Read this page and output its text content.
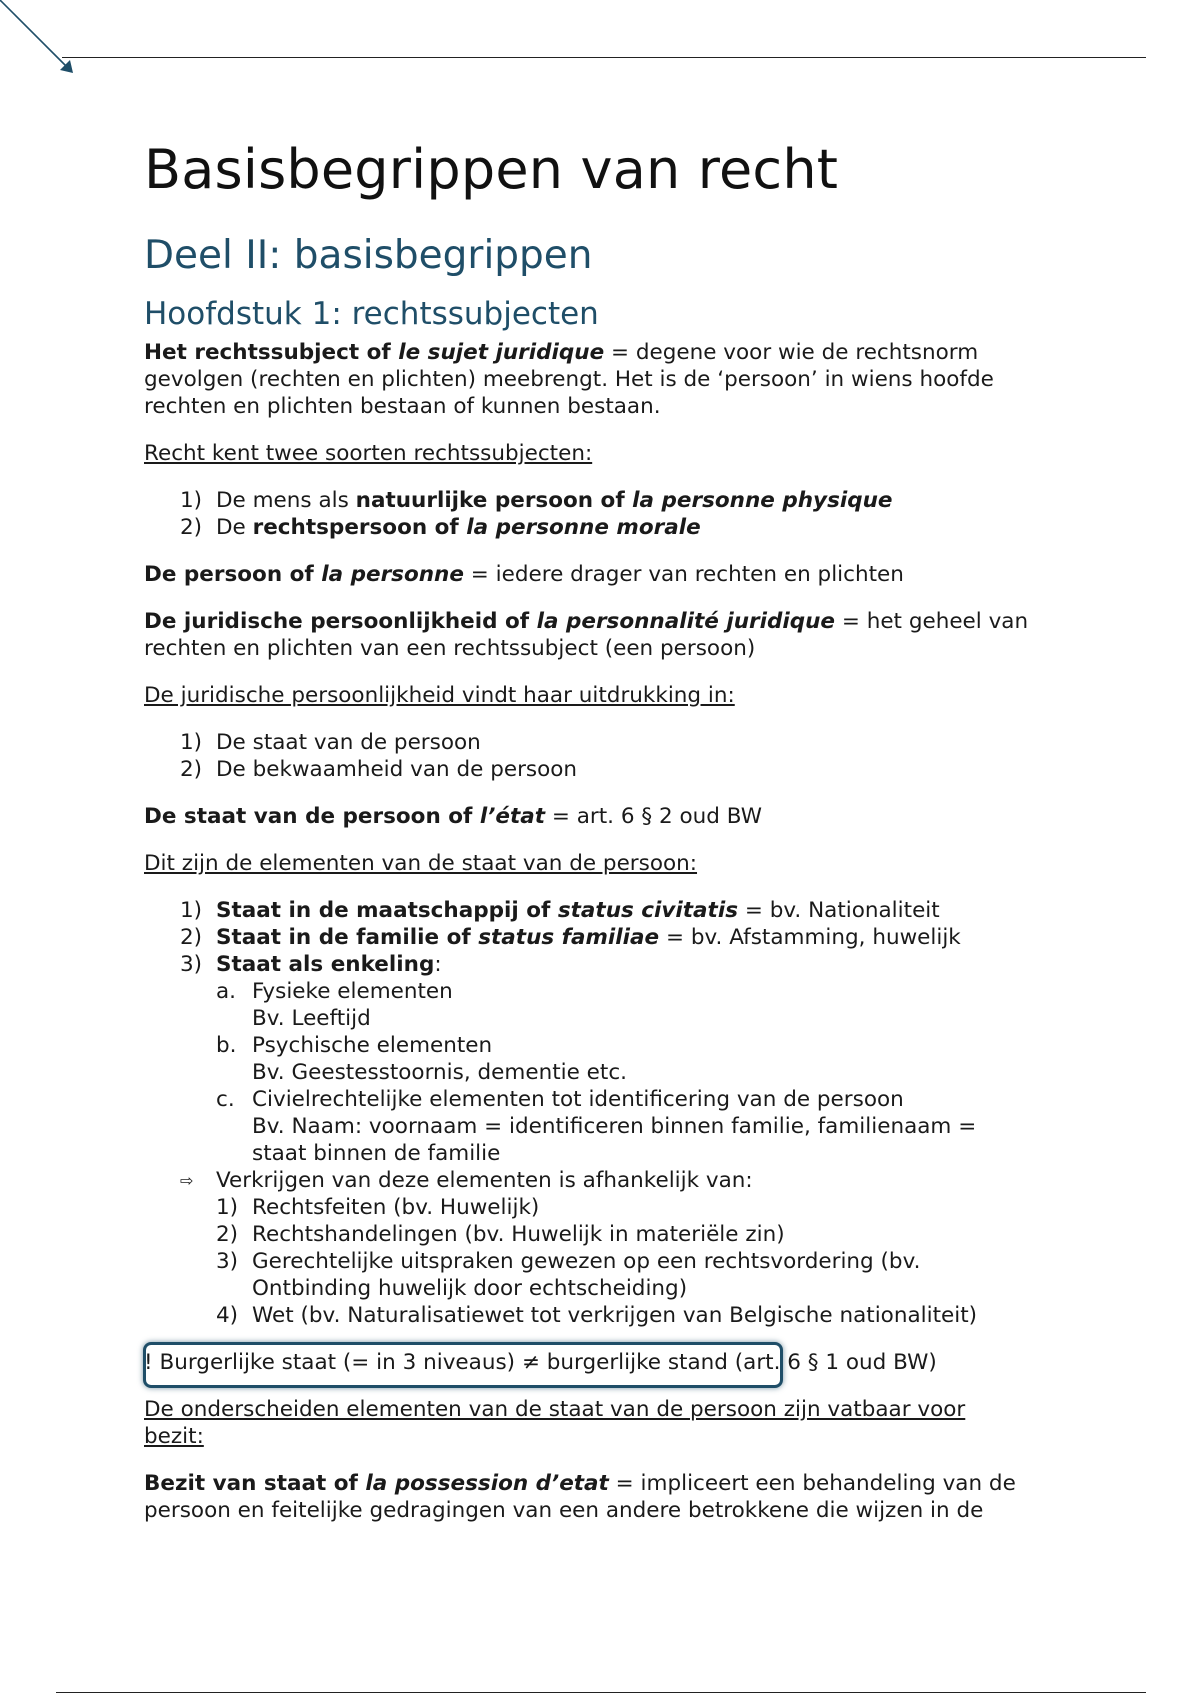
Basisbegrippen van recht
Deel II: basisbegrippen
Hoofdstuk 1: rechtssubjecten

Het rechtssubject of le sujet juridique = degene voor wie de rechtsnorm gevolgen (rechten en plichten) meebrengt. Het is de ‘persoon’ in wiens hoofde rechten en plichten bestaan of kunnen bestaan.

Recht kent twee soorten rechtssubjecten:

1) De mens als natuurlijke persoon of la personne physique
2) De rechtspersoon of la personne morale

De persoon of la personne = iedere drager van rechten en plichten

De juridische persoonlijkheid of la personnalité juridique = het geheel van rechten en plichten van een rechtssubject (een persoon)

De juridische persoonlijkheid vindt haar uitdrukking in:

1) De staat van de persoon
2) De bekwaamheid van de persoon

De staat van de persoon of l’état = art. 6 § 2 oud BW

Dit zijn de elementen van de staat van de persoon:

1) Staat in de maatschappij of status civitatis = bv. Nationaliteit
2) Staat in de familie of status familiae = bv. Afstamming, huwelijk
3) Staat als enkeling:
a. Fysieke elementen
Bv. Leeftijd
b. Psychische elementen
Bv. Geestesstoornis, dementie etc.
c. Civielrechtelijke elementen tot identificering van de persoon
Bv. Naam: voornaam = identificeren binnen familie, familienaam = staat binnen de familie
⇨	Verkrijgen van deze elementen is afhankelijk van:
1) Rechtsfeiten (bv. Huwelijk)
2) Rechtshandelingen (bv. Huwelijk in materiële zin)
3) Gerechtelijke uitspraken gewezen op een rechtsvordering (bv. Ontbinding huwelijk door echtscheiding)
4) Wet (bv. Naturalisatiewet tot verkrijgen van Belgische nationaliteit)
! Burgerlijke staat (= in 3 niveaus) ≠ burgerlijke stand (art. 6 § 1 oud BW)

De onderscheiden elementen van de staat van de persoon zijn vatbaar voor bezit:

Bezit van staat of la possession d’etat = impliceert een behandeling van de persoon en feitelijke gedragingen van een andere betrokkene die wijzen in de
